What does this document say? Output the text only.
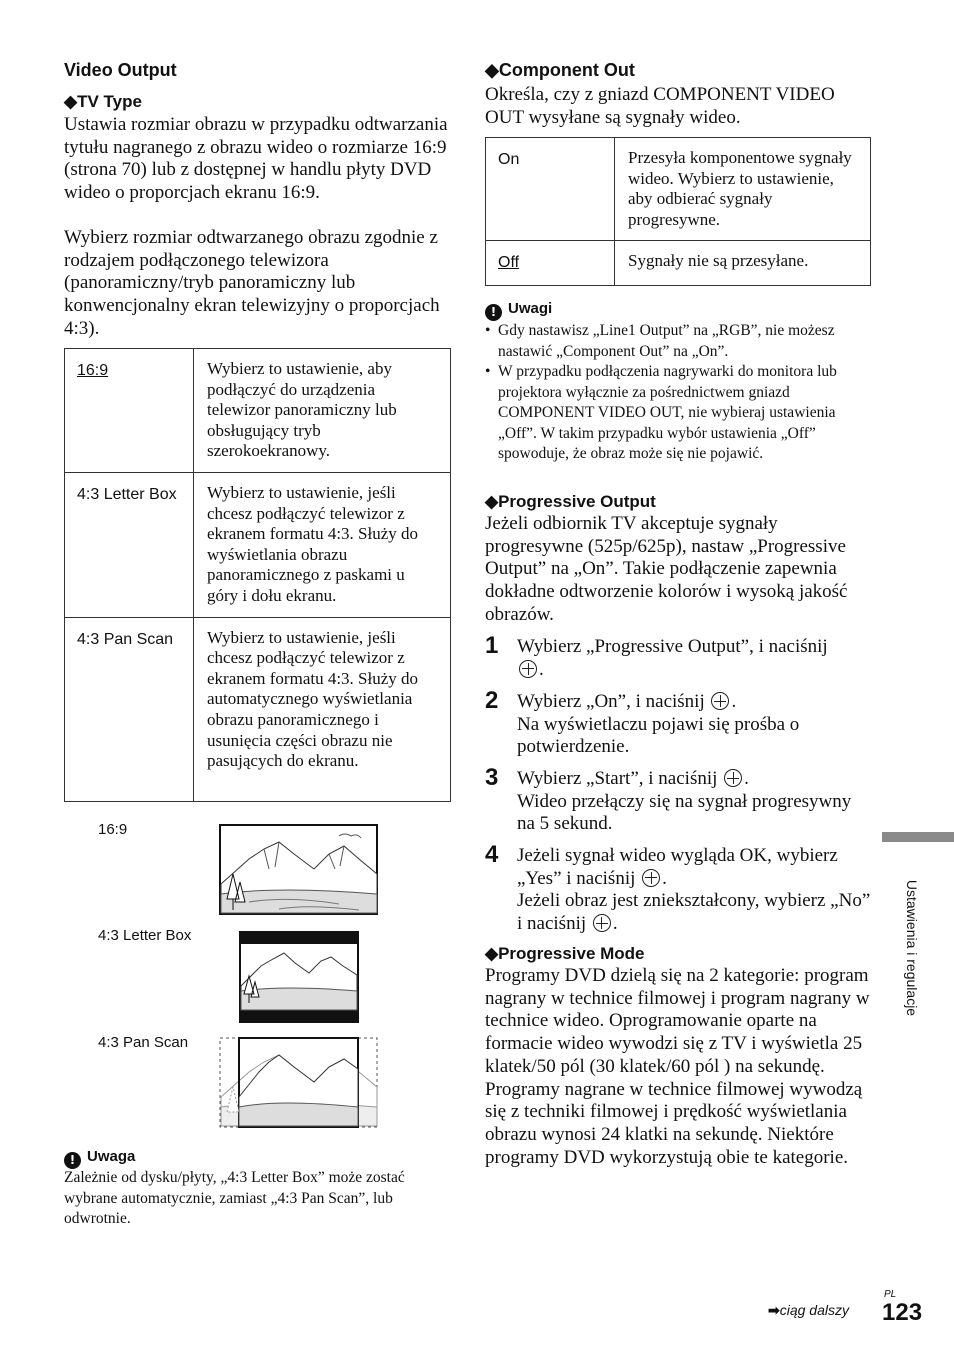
Video Output
◆TV Type

Ustawia rozmiar obrazu w przypadku odtwarzania tytułu nagranego z obrazu wideo o rozmiarze 16:9 (strona 70) lub z dostępnej w handlu płyty DVD wideo o proporcjach ekranu 16:9.

Wybierz rozmiar odtwarzanego obrazu zgodnie z rodzajem podłączonego telewizora (panoramiczny/tryb panoramiczny lub konwencjonalny ekran telewizyjny o proporcjach 4:3).

16:9	Wybierz to ustawienie, aby podłączyć do urządzenia telewizor panoramiczny lub obsługujący tryb szerokoekranowy.
4:3 Letter Box	Wybierz to ustawienie, jeśli chcesz podłączyć telewizor z ekranem formatu 4:3. Służy do wyświetlania obrazu panoramicznego z paskami u góry i dołu ekranu.
4:3 Pan Scan	Wybierz to ustawienie, jeśli chcesz podłączyć telewizor z ekranem formatu 4:3. Służy do automatycznego wyświetlania obrazu panoramicznego i usunięcia części obrazu nie pasujących do ekranu.
16:9
4:3 Letter Box
4:3 Pan Scan
! Uwaga

Zależnie od dysku/płyty, „4:3 Letter Box” może zostać wybrane automatycznie, zamiast „4:3 Pan Scan”, lub odwrotnie.

◆Component Out

Określa, czy z gniazd COMPONENT VIDEO OUT wysyłane są sygnały wideo.

On	Przesyła komponentowe sygnały wideo. Wybierz to ustawienie, aby odbierać sygnały progresywne.
Off	Sygnały nie są przesyłane.
! Uwagi
• Gdy nastawisz „Line1 Output” na „RGB”, nie możesz nastawić „Component Out” na „On”.
• W przypadku podłączenia nagrywarki do monitora lub projektora wyłącznie za pośrednictwem gniazd COMPONENT VIDEO OUT, nie wybieraj ustawienia „Off”. W takim przypadku wybór ustawienia „Off” spowoduje, że obraz może się nie pojawić.
◆Progressive Output

Jeżeli odbiornik TV akceptuje sygnały progresywne (525p/625p), nastaw „Progressive Output” na „On”. Takie podłączenie zapewnia dokładne odtworzenie kolorów i wysoką jakość obrazów.

1 Wybierz „Progressive Output”, i naciśnij
.

2 Wybierz „On”, i naciśnij .
Na wyświetlaczu pojawi się prośba o potwierdzenie.

3 Wybierz „Start”, i naciśnij .
Wideo przełączy się na sygnał progresywny na 5 sekund.

4 Jeżeli sygnał wideo wygląda OK, wybierz „Yes” i naciśnij .
Jeżeli obraz jest zniekształcony, wybierz „No” i naciśnij .

◆Progressive Mode

Programy DVD dzielą się na 2 kategorie: program nagrany w technice filmowej i program nagrany w technice wideo. Oprogramowanie oparte na formacie wideo wywodzi się z TV i wyświetla 25 klatek/50 pól (30 klatek/60 pól ) na sekundę. Programy nagrane w technice filmowej wywodzą się z techniki filmowej i prędkość wyświetlania obrazu wynosi 24 klatki na sekundę. Niektóre programy DVD wykorzystują obie te kategorie.

Ustawienia i regulacje
➡ciąg dalszy
PL
123
